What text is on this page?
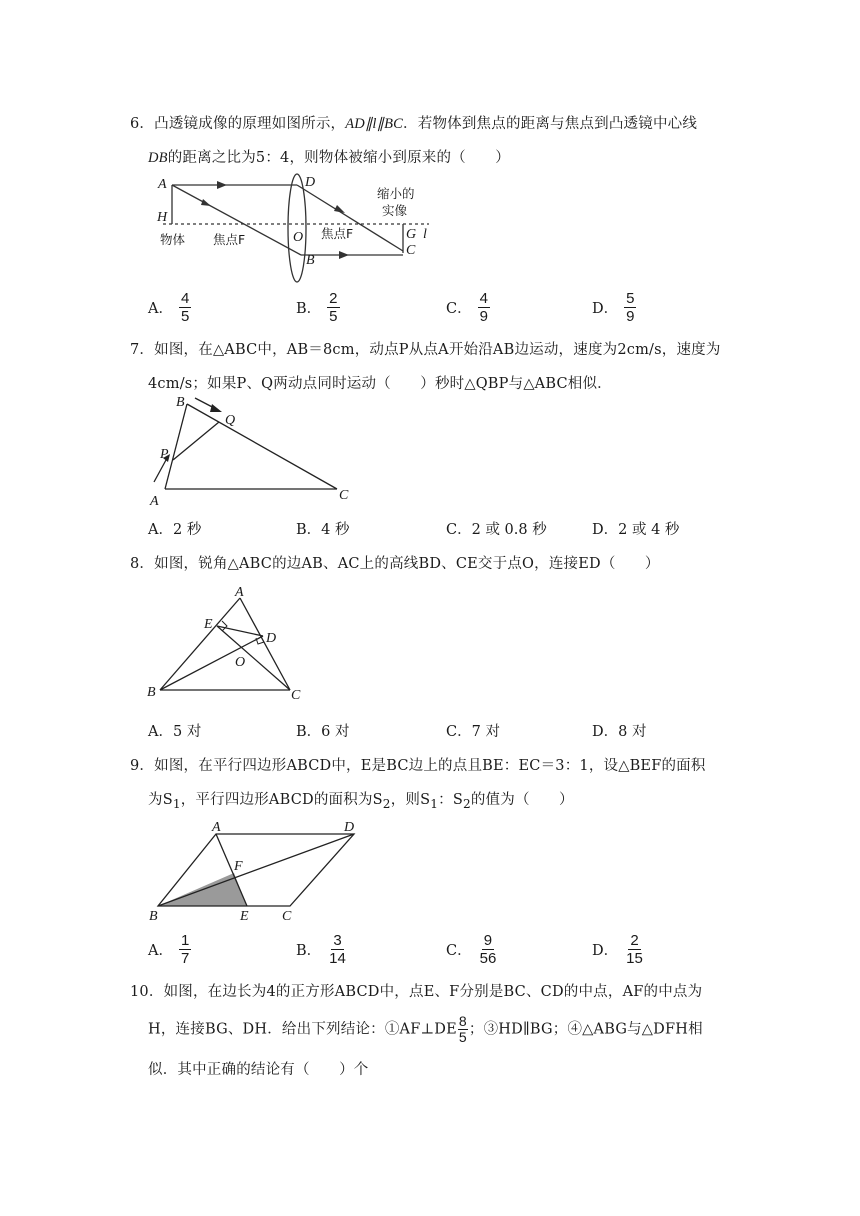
6．凸透镜成像的原理如图所示，AD∥l∥BC．若物体到焦点的距离与焦点到凸透镜中心线
DB的距离之比为5：4，则物体被缩小到原来的（　　）
A
H
D
O
B
G
C
l
物体 焦点F	焦点F
缩小的
实像
A． $\frac{4}{5}$	B． $\frac{2}{5}$	C． $\frac{4}{9}$	D． $\frac{5}{9}$
7．如图，在△ABC中，AB＝8cm，动点P从点A开始沿AB边运动，速度为2cm/s，速度为
4cm/s；如果P、Q两动点同时运动（　　）秒时△QBP与△ABC相似．
B
Q
P
A	C
A． 2 秒	B． 4 秒	C． 2 或 0.8 秒	D． 2 或 4 秒
8．如图，锐角△ABC的边AB、AC上的高线BD、CE交于点O，连接ED（　　）
A
E
D
O
B	C
A． 5 对	B． 6 对	C． 7 对	D． 8 对
9．如图，在平行四边形ABCD中，E是BC边上的点且BE：EC＝3：1，设△BEF的面积
为$S_1$，平行四边形ABCD的面积为$S_2$，则$S_1$：$S_2$的值为（　　）
A	D
F
B	E C
A． $\frac{1}{7}$	B． $\frac{3}{14}$	C． $\frac{9}{56}$	D． $\frac{2}{15}$
10．如图，在边长为4的正方形ABCD中，点E、F分别是BC、CD的中点，AF的中点为
H，连接BG、DH．给出下列结论：①AF⊥DE $\frac{8}{5}$ ；③HD∥BG；④△ABG与△DFH相
似．其中正确的结论有（　　）个
